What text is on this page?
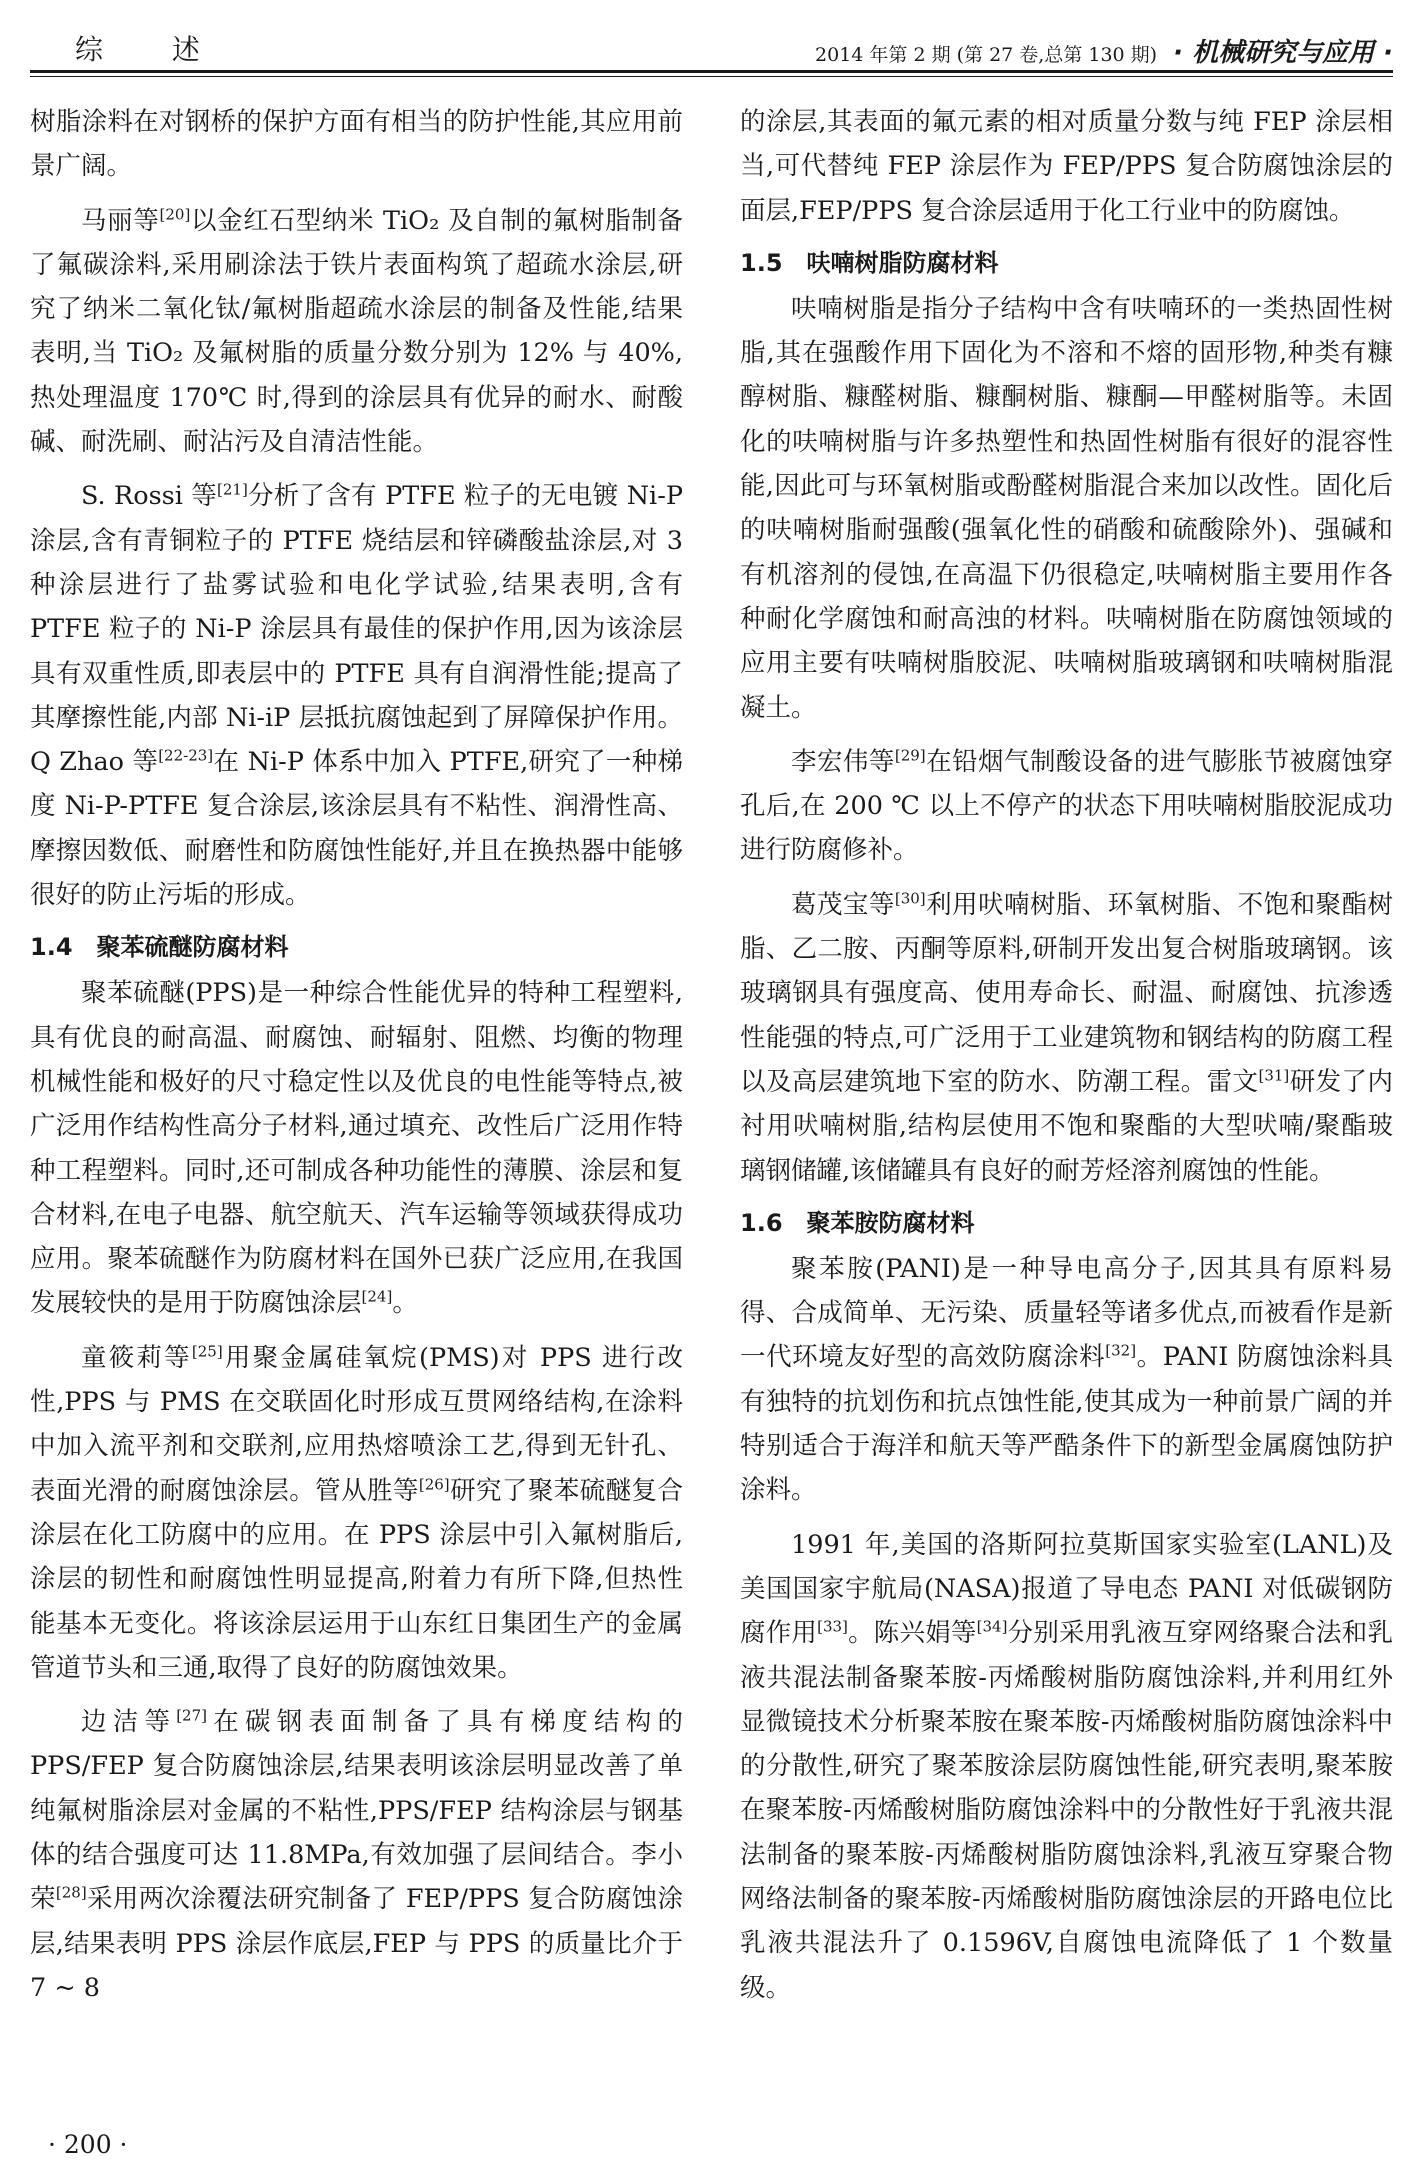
综 述	2014 年第 2 期 (第 27 卷,总第 130 期) · 机械研究与应用 ·

树脂涂料在对钢桥的保护方面有相当的防护性能,其应用前景广阔。

马丽等[20]以金红石型纳米 TiO₂ 及自制的氟树脂制备了氟碳涂料,采用刷涂法于铁片表面构筑了超疏水涂层,研究了纳米二氧化钛/氟树脂超疏水涂层的制备及性能,结果表明,当 TiO₂ 及氟树脂的质量分数分别为 12% 与 40%,热处理温度 170℃ 时,得到的涂层具有优异的耐水、耐酸碱、耐洗刷、耐沾污及自清洁性能。

S. Rossi 等[21]分析了含有 PTFE 粒子的无电镀 Ni-P 涂层,含有青铜粒子的 PTFE 烧结层和锌磷酸盐涂层,对 3 种涂层进行了盐雾试验和电化学试验,结果表明,含有 PTFE 粒子的 Ni-P 涂层具有最佳的保护作用,因为该涂层具有双重性质,即表层中的 PTFE 具有自润滑性能;提高了其摩擦性能,内部 Ni-iP 层抵抗腐蚀起到了屏障保护作用。Q Zhao 等[22-23]在 Ni-P 体系中加入 PTFE,研究了一种梯度 Ni-P-PTFE 复合涂层,该涂层具有不粘性、润滑性高、摩擦因数低、耐磨性和防腐蚀性能好,并且在换热器中能够很好的防止污垢的形成。

1.4 聚苯硫醚防腐材料

聚苯硫醚(PPS)是一种综合性能优异的特种工程塑料,具有优良的耐高温、耐腐蚀、耐辐射、阻燃、均衡的物理机械性能和极好的尺寸稳定性以及优良的电性能等特点,被广泛用作结构性高分子材料,通过填充、改性后广泛用作特种工程塑料。同时,还可制成各种功能性的薄膜、涂层和复合材料,在电子电器、航空航天、汽车运输等领域获得成功应用。聚苯硫醚作为防腐材料在国外已获广泛应用,在我国发展较快的是用于防腐蚀涂层[24]。

童筱莉等[25]用聚金属硅氧烷(PMS)对 PPS 进行改性,PPS 与 PMS 在交联固化时形成互贯网络结构,在涂料中加入流平剂和交联剂,应用热熔喷涂工艺,得到无针孔、表面光滑的耐腐蚀涂层。管从胜等[26]研究了聚苯硫醚复合涂层在化工防腐中的应用。在 PPS 涂层中引入氟树脂后,涂层的韧性和耐腐蚀性明显提高,附着力有所下降,但热性能基本无变化。将该涂层运用于山东红日集团生产的金属管道节头和三通,取得了良好的防腐蚀效果。

边洁等[27]在碳钢表面制备了具有梯度结构的 PPS/FEP 复合防腐蚀涂层,结果表明该涂层明显改善了单纯氟树脂涂层对金属的不粘性,PPS/FEP 结构涂层与钢基体的结合强度可达 11.8MPa,有效加强了层间结合。李小荣[28]采用两次涂覆法研究制备了 FEP/PPS 复合防腐蚀涂层,结果表明 PPS 涂层作底层,FEP 与 PPS 的质量比介于 7 ~ 8

的涂层,其表面的氟元素的相对质量分数与纯 FEP 涂层相当,可代替纯 FEP 涂层作为 FEP/PPS 复合防腐蚀涂层的面层,FEP/PPS 复合涂层适用于化工行业中的防腐蚀。

1.5 呋喃树脂防腐材料

呋喃树脂是指分子结构中含有呋喃环的一类热固性树脂,其在强酸作用下固化为不溶和不熔的固形物,种类有糠醇树脂、糠醛树脂、糠酮树脂、糠酮—甲醛树脂等。未固化的呋喃树脂与许多热塑性和热固性树脂有很好的混容性能,因此可与环氧树脂或酚醛树脂混合来加以改性。固化后的呋喃树脂耐强酸(强氧化性的硝酸和硫酸除外)、强碱和有机溶剂的侵蚀,在高温下仍很稳定,呋喃树脂主要用作各种耐化学腐蚀和耐高浊的材料。呋喃树脂在防腐蚀领域的应用主要有呋喃树脂胶泥、呋喃树脂玻璃钢和呋喃树脂混凝土。

李宏伟等[29]在铅烟气制酸设备的进气膨胀节被腐蚀穿孔后,在 200 ℃ 以上不停产的状态下用呋喃树脂胶泥成功进行防腐修补。

葛茂宝等[30]利用吠喃树脂、环氧树脂、不饱和聚酯树脂、乙二胺、丙酮等原料,研制开发出复合树脂玻璃钢。该玻璃钢具有强度高、使用寿命长、耐温、耐腐蚀、抗渗透性能强的特点,可广泛用于工业建筑物和钢结构的防腐工程以及高层建筑地下室的防水、防潮工程。雷文[31]研发了内衬用吠喃树脂,结构层使用不饱和聚酯的大型吠喃/聚酯玻璃钢储罐,该储罐具有良好的耐芳烃溶剂腐蚀的性能。

1.6 聚苯胺防腐材料

聚苯胺(PANI)是一种导电高分子,因其具有原料易得、合成简单、无污染、质量轻等诸多优点,而被看作是新一代环境友好型的高效防腐涂料[32]。PANI 防腐蚀涂料具有独特的抗划伤和抗点蚀性能,使其成为一种前景广阔的并特别适合于海洋和航天等严酷条件下的新型金属腐蚀防护涂料。

1991 年,美国的洛斯阿拉莫斯国家实验室(LANL)及美国国家宇航局(NASA)报道了导电态 PANI 对低碳钢防腐作用[33]。陈兴娟等[34]分别采用乳液互穿网络聚合法和乳液共混法制备聚苯胺-丙烯酸树脂防腐蚀涂料,并利用红外显微镜技术分析聚苯胺在聚苯胺-丙烯酸树脂防腐蚀涂料中的分散性,研究了聚苯胺涂层防腐蚀性能,研究表明,聚苯胺在聚苯胺-丙烯酸树脂防腐蚀涂料中的分散性好于乳液共混法制备的聚苯胺-丙烯酸树脂防腐蚀涂料,乳液互穿聚合物网络法制备的聚苯胺-丙烯酸树脂防腐蚀涂层的开路电位比乳液共混法升了 0.1596V,自腐蚀电流降低了 1 个数量级。

· 200 ·
